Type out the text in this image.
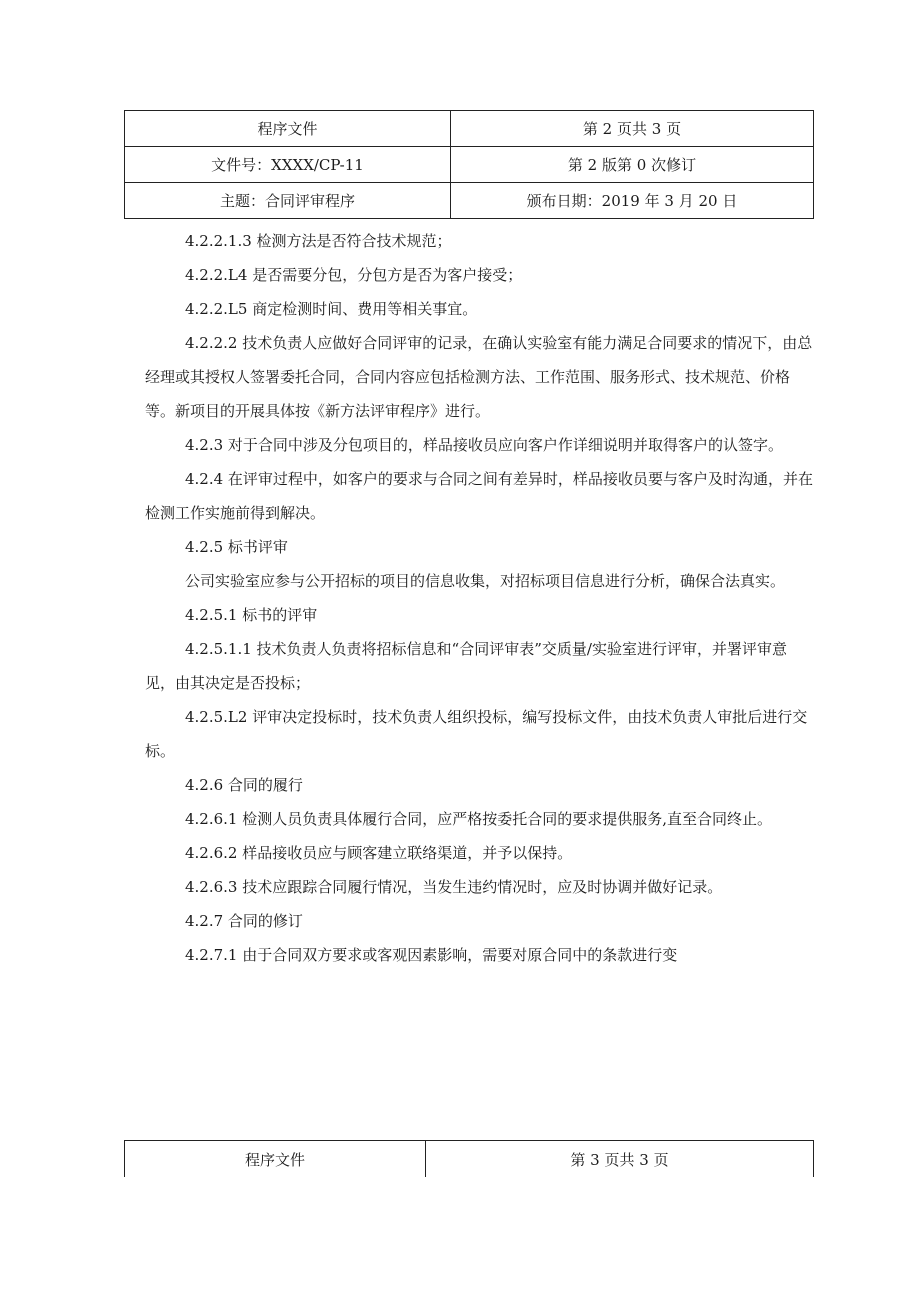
程序文件	第 2 页共 3 页
文件号：XXXX/CP-11	第 2 版第 0 次修订
主题：合同评审程序	颁布日期：2019 年 3 月 20 日

4.2.2.1.3 检测方法是否符合技术规范；

4.2.2.L4 是否需要分包，分包方是否为客户接受；

4.2.2.L5 商定检测时间、费用等相关事宜。

4.2.2.2 技术负责人应做好合同评审的记录，在确认实验室有能力满足合同要求的情况下，由总经理或其授权人签署委托合同，合同内容应包括检测方法、工作范围、服务形式、技术规范、价格等。新项目的开展具体按《新方法评审程序》进行。

4.2.3 对于合同中涉及分包项目的，样品接收员应向客户作详细说明并取得客户的认签字。

4.2.4 在评审过程中，如客户的要求与合同之间有差异时，样品接收员要与客户及时沟通，并在检测工作实施前得到解决。

4.2.5 标书评审

公司实验室应参与公开招标的项目的信息收集，对招标项目信息进行分析，确保合法真实。

4.2.5.1 标书的评审

4.2.5.1.1 技术负责人负责将招标信息和“合同评审表”交质量/实验室进行评审，并署评审意见，由其决定是否投标；

4.2.5.L2 评审决定投标时，技术负责人组织投标，编写投标文件，由技术负责人审批后进行交标。

4.2.6 合同的履行

4.2.6.1 检测人员负责具体履行合同，应严格按委托合同的要求提供服务,直至合同终止。

4.2.6.2 样品接收员应与顾客建立联络渠道，并予以保持。

4.2.6.3 技术应跟踪合同履行情况，当发生违约情况时，应及时协调并做好记录。

4.2.7 合同的修订

4.2.7.1 由于合同双方要求或客观因素影响，需要对原合同中的条款进行变

程序文件	第 3 页共 3 页
